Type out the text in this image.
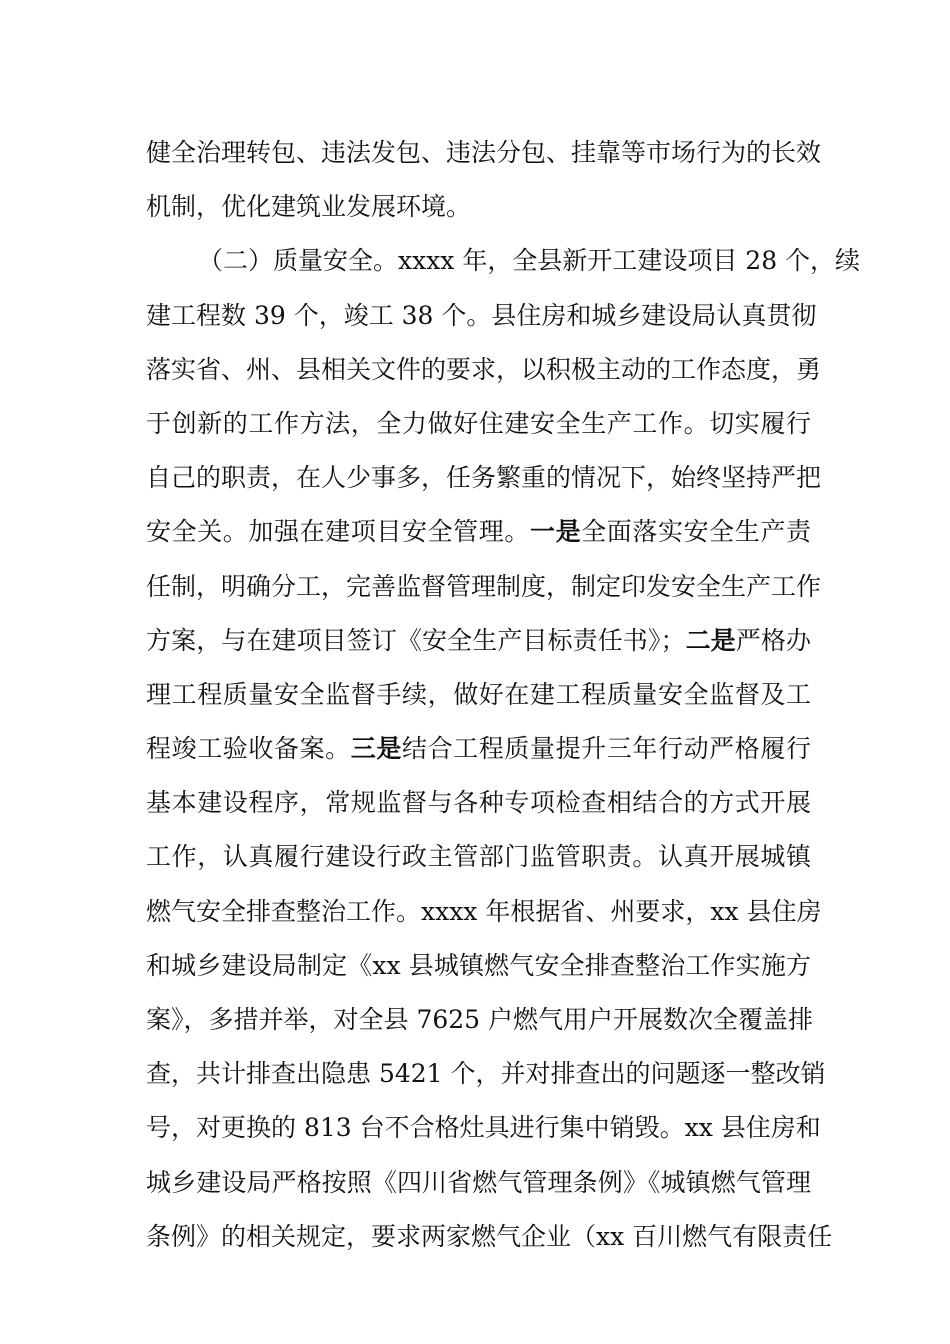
健全治理转包、违法发包、违法分包、挂靠等市场行为的长效
机制，优化建筑业发展环境。
（二）质量安全。xxxx 年，全县新开工建设项目 28 个，续
建工程数 39 个，竣工 38 个。县住房和城乡建设局认真贯彻
落实省、州、县相关文件的要求，以积极主动的工作态度，勇
于创新的工作方法，全力做好住建安全生产工作。切实履行
自己的职责，在人少事多，任务繁重的情况下，始终坚持严把
安全关。加强在建项目安全管理。一是全面落实安全生产责
任制，明确分工，完善监督管理制度，制定印发安全生产工作
方案，与在建项目签订《安全生产目标责任书》；二是严格办
理工程质量安全监督手续，做好在建工程质量安全监督及工
程竣工验收备案。三是结合工程质量提升三年行动严格履行
基本建设程序，常规监督与各种专项检查相结合的方式开展
工作，认真履行建设行政主管部门监管职责。认真开展城镇
燃气安全排查整治工作。xxxx 年根据省、州要求，xx 县住房
和城乡建设局制定《xx 县城镇燃气安全排查整治工作实施方
案》，多措并举，对全县 7625 户燃气用户开展数次全覆盖排
查，共计排查出隐患 5421 个，并对排查出的问题逐一整改销
号，对更换的 813 台不合格灶具进行集中销毁。xx 县住房和
城乡建设局严格按照《四川省燃气管理条例》《城镇燃气管理
条例》的相关规定，要求两家燃气企业（xx 百川燃气有限责任
